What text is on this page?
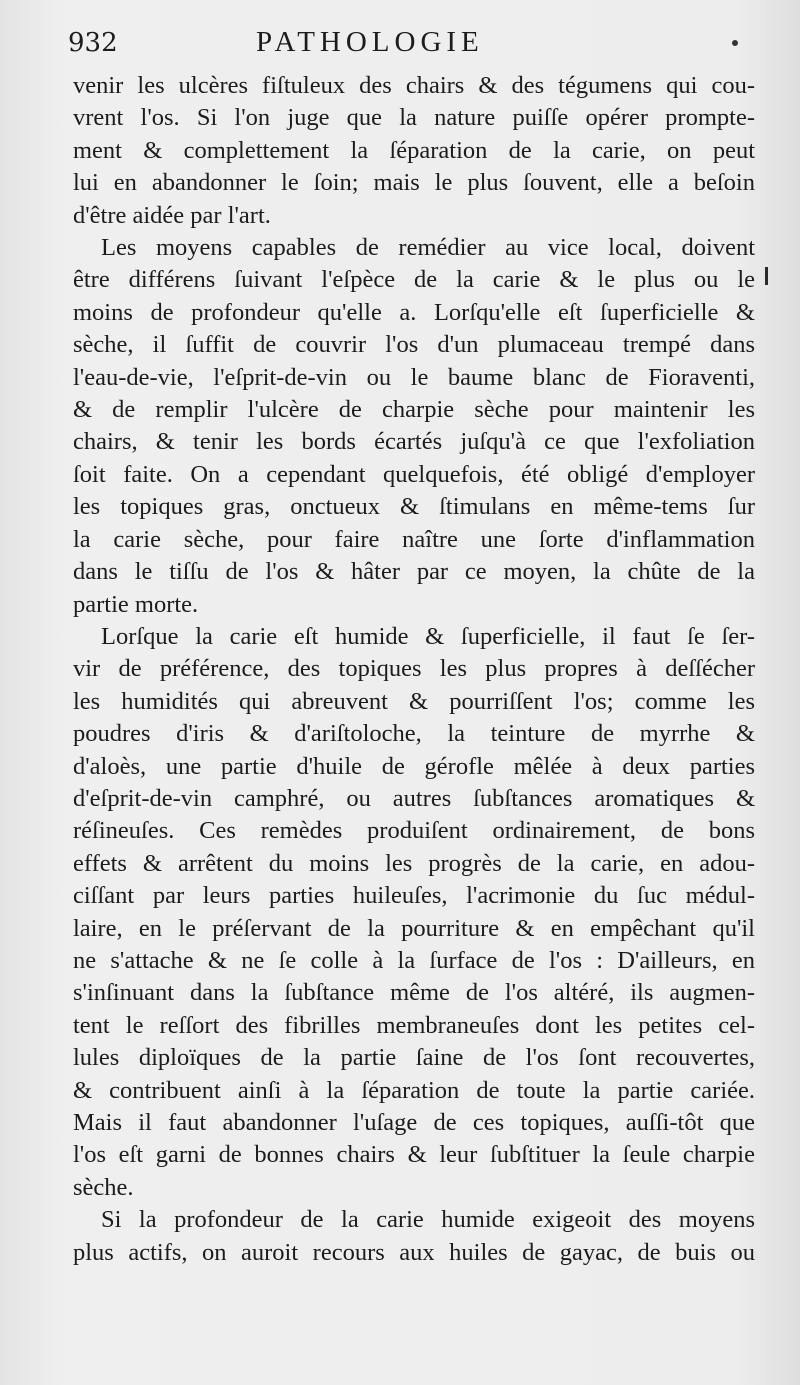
932	PATHOLOGIE
venir les ulcères fiſtuleux des chairs & des tégumens qui cou-
vrent l'os. Si l'on juge que la nature puiſſe opérer prompte-
ment & complettement la ſéparation de la carie, on peut
lui en abandonner le ſoin; mais le plus ſouvent, elle a beſoin
d'être aidée par l'art.
Les moyens capables de remédier au vice local, doivent
être différens ſuivant l'eſpèce de la carie & le plus ou le
moins de profondeur qu'elle a. Lorſqu'elle eſt ſuperficielle &
sèche, il ſuffit de couvrir l'os d'un plumaceau trempé dans
l'eau-de-vie, l'eſprit-de-vin ou le baume blanc de Fioraventi,
& de remplir l'ulcère de charpie sèche pour maintenir les
chairs, & tenir les bords écartés juſqu'à ce que l'exfoliation
ſoit faite. On a cependant quelquefois, été obligé d'employer
les topiques gras, onctueux & ſtimulans en même-tems ſur
la carie sèche, pour faire naître une ſorte d'inflammation
dans le tiſſu de l'os & hâter par ce moyen, la chûte de la
partie morte.
Lorſque la carie eſt humide & ſuperficielle, il faut ſe ſer-
vir de préférence, des topiques les plus propres à deſſécher
les humidités qui abreuvent & pourriſſent l'os; comme les
poudres d'iris & d'ariſtoloche, la teinture de myrrhe &
d'aloès, une partie d'huile de gérofle mêlée à deux parties
d'eſprit-de-vin camphré, ou autres ſubſtances aromatiques &
réſineuſes. Ces remèdes produiſent ordinairement, de bons
effets & arrêtent du moins les progrès de la carie, en adou-
ciſſant par leurs parties huileuſes, l'acrimonie du ſuc médul-
laire, en le préſervant de la pourriture & en empêchant qu'il
ne s'attache & ne ſe colle à la ſurface de l'os : D'ailleurs, en
s'inſinuant dans la ſubſtance même de l'os altéré, ils augmen-
tent le reſſort des fibrilles membraneuſes dont les petites cel-
lules diploïques de la partie ſaine de l'os ſont recouvertes,
& contribuent ainſi à la ſéparation de toute la partie cariée.
Mais il faut abandonner l'uſage de ces topiques, auſſi-tôt que
l'os eſt garni de bonnes chairs & leur ſubſtituer la ſeule charpie
sèche.
Si la profondeur de la carie humide exigeoit des moyens
plus actifs, on auroit recours aux huiles de gayac, de buis ou
